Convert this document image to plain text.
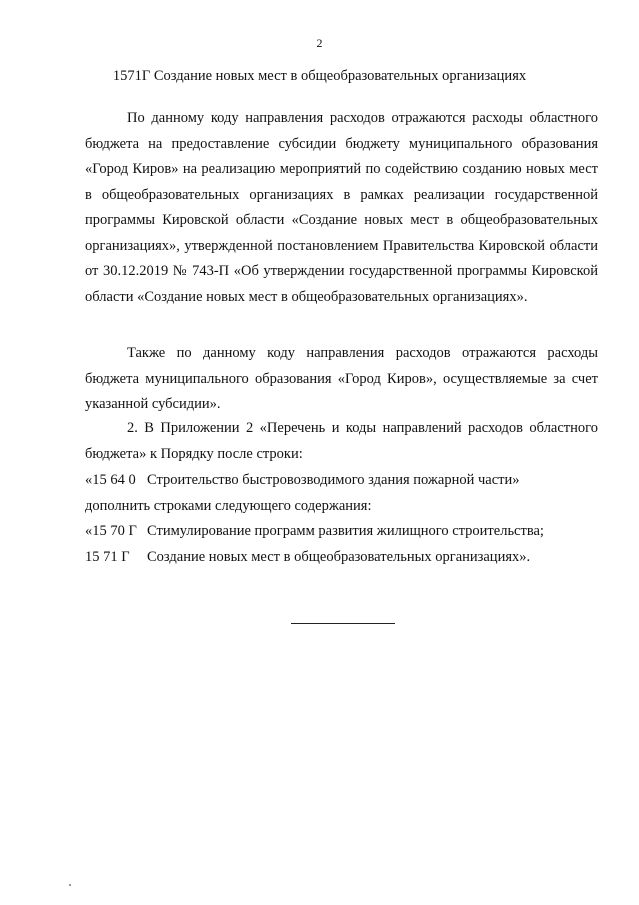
2
1571Г Создание новых мест в общеобразовательных организациях

По данному коду направления расходов отражаются расходы областного бюджета на предоставление субсидии бюджету муниципального образования «Город Киров» на реализацию мероприятий по содействию созданию новых мест в общеобразовательных организациях в рамках реализации государственной программы Кировской области «Создание новых мест в общеобразовательных организациях», утвержденной постановлением Правительства Кировской области от 30.12.2019 № 743-П «Об утверждении государственной программы Кировской области «Создание новых мест в общеобразовательных организациях».

Также по данному коду направления расходов отражаются расходы бюджета муниципального образования «Город Киров», осуществляемые за счет указанной субсидии».

2. В Приложении 2 «Перечень и коды направлений расходов областного бюджета» к Порядку после строки:

«15 64 0 Строительство быстровозводимого здания пожарной части»
дополнить строками следующего содержания:
«15 70 Г Стимулирование программ развития жилищного строительства;
15 71 Г Создание новых мест в общеобразовательных организациях».
